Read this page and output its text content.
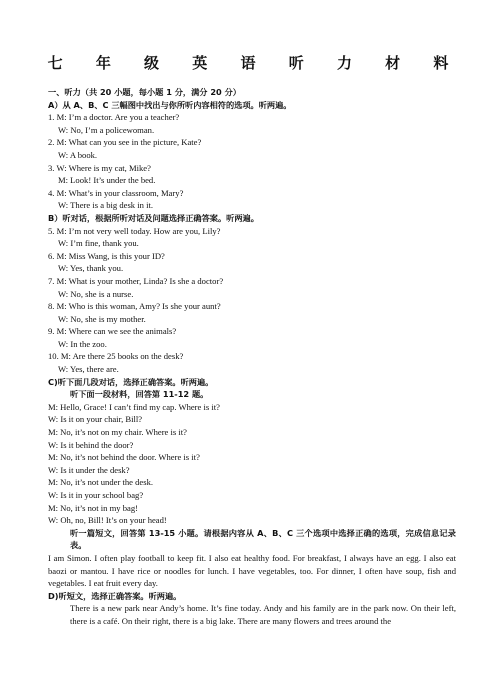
七 年 级 英 语 听 力 材 料

一、听力（共 20 小题，每小题 1 分，满分 20 分）

A）从 A、B、C 三幅图中找出与你所听内容相符的选项。听两遍。

1. M: I’m a doctor. Are you a teacher?

W: No, I’m a policewoman.

2. M: What can you see in the picture, Kate?

W: A book.

3. W: Where is my cat, Mike?

M: Look! It’s under the bed.

4. M: What’s in your classroom, Mary?

W: There is a big desk in it.

B）听对话，根据所听对话及问题选择正确答案。听两遍。

5. M: I’m not very well today. How are you, Lily?

W: I’m fine, thank you.

6. M: Miss Wang, is this your ID?

W: Yes, thank you.

7. M: What is your mother, Linda? Is she a doctor?

W: No, she is a nurse.

8. M: Who is this woman, Amy? Is she your aunt?

W: No, she is my mother.

9. M: Where can we see the animals?

W: In the zoo.

10. M: Are there 25 books on the desk?

W: Yes, there are.

C)听下面几段对话，选择正确答案。听两遍。

听下面一段材料，回答第 11-12 题。

M: Hello, Grace! I can’t find my cap. Where is it?

W: Is it on your chair, Bill?

M: No, it’s not on my chair. Where is it?

W: Is it behind the door?

M: No, it’s not behind the door. Where is it?

W: Is it under the desk?

M: No, it’s not under the desk.

W: Is it in your school bag?

M: No, it’s not in my bag!

W: Oh, no, Bill! It’s on your head!

听一篇短文，回答第 13-15 小题。请根据内容从 A、B、C 三个选项中选择正确的选项，完成信息记录表。

I am Simon. I often play football to keep fit. I also eat healthy food. For breakfast, I always have an egg. I also eat baozi or mantou. I have rice or noodles for lunch. I have vegetables, too. For dinner, I often have soup, fish and vegetables. I eat fruit every day.

D)听短文，选择正确答案。听两遍。

There is a new park near Andy’s home. It’s fine today. Andy and his family are in the park now. On their left, there is a café. On their right, there is a big lake. There are many flowers and trees around the
